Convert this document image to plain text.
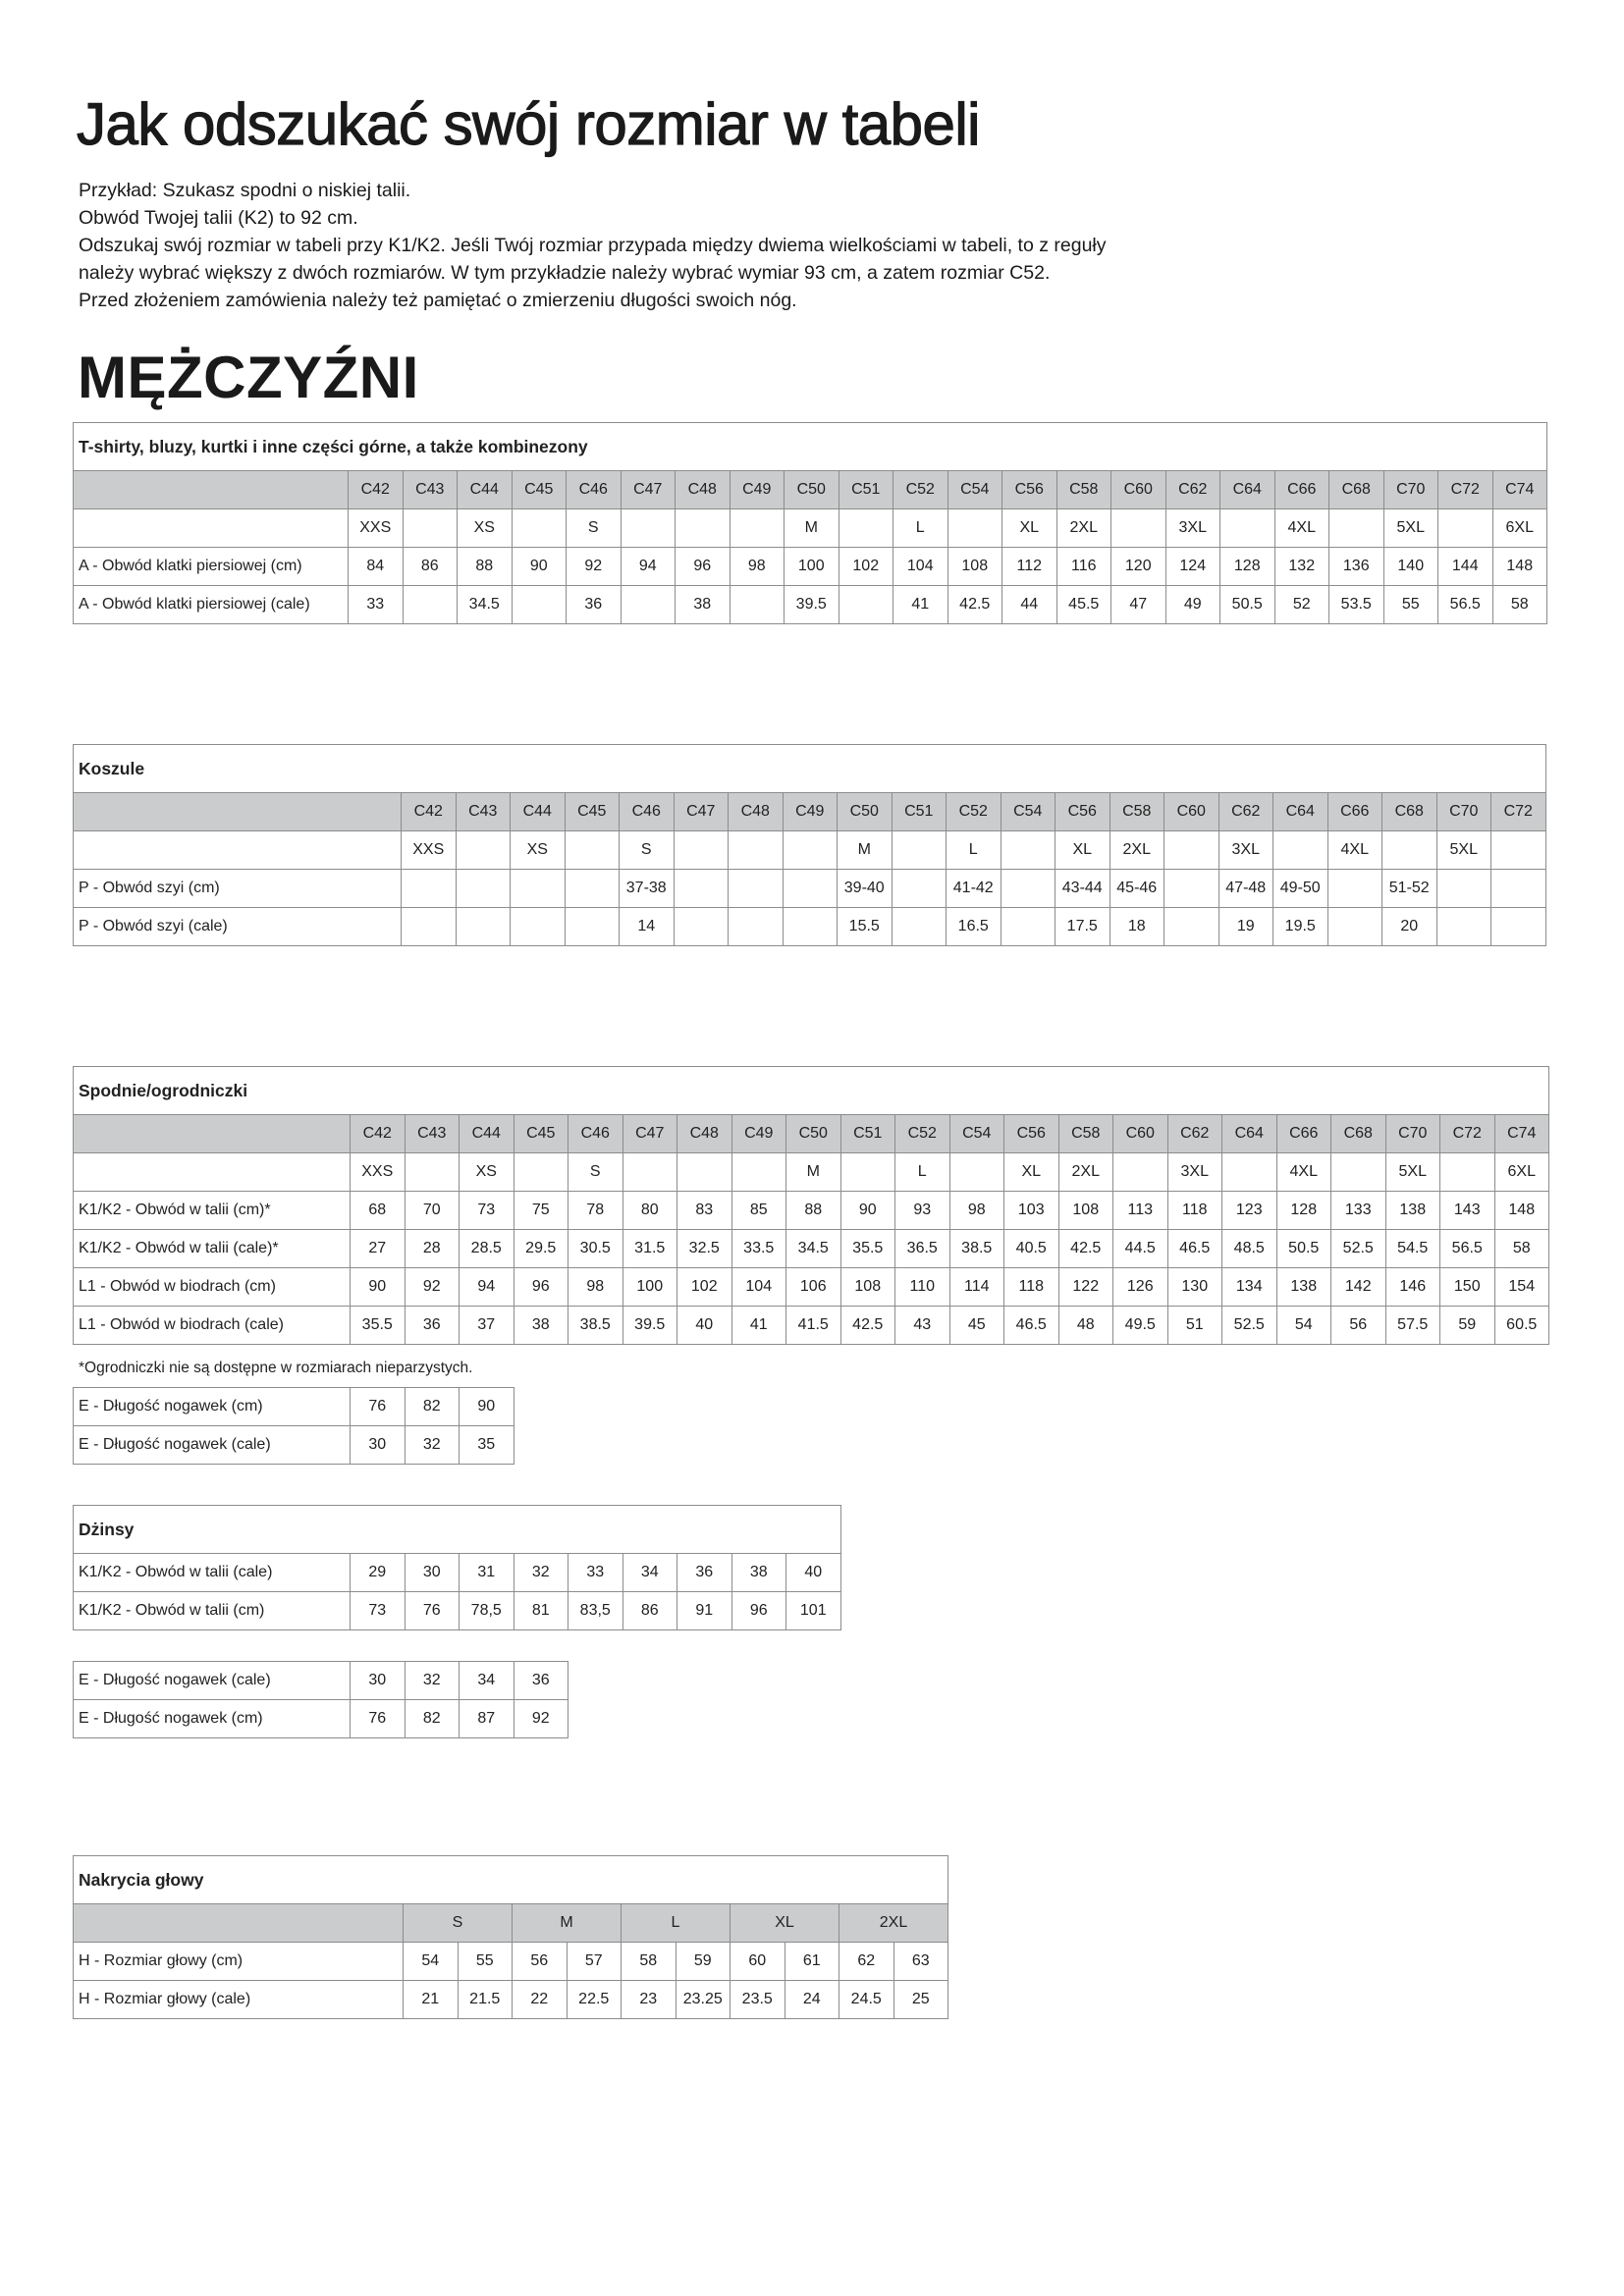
Jak odszukać swój rozmiar w tabeli
Przykład: Szukasz spodni o niskiej talii.
Obwód Twojej talii (K2) to 92 cm.
Odszukaj swój rozmiar w tabeli przy K1/K2. Jeśli Twój rozmiar przypada między dwiema wielkościami w tabeli, to z reguły
należy wybrać większy z dwóch rozmiarów. W tym przykładzie należy wybrać wymiar 93 cm, a zatem rozmiar C52.
Przed złożeniem zamówienia należy też pamiętać o zmierzeniu długości swoich nóg.
MĘŻCZYŹNI
T-shirty, bluzy, kurtki i inne części górne, a także kombinezony																						
	C42	C43	C44	C45	C46	C47	C48	C49	C50	C51	C52	C54	C56	C58	C60	C62	C64	C66	C68	C70	C72	C74
	XXS		XS		S				M		L		XL	2XL		3XL		4XL		5XL		6XL
A - Obwód klatki piersiowej (cm)	84	86	88	90	92	94	96	98	100	102	104	108	112	116	120	124	128	132	136	140	144	148
A - Obwód klatki piersiowej (cale)	33		34.5		36		38		39.5		41	42.5	44	45.5	47	49	50.5	52	53.5	55	56.5	58
Koszule																					
	C42	C43	C44	C45	C46	C47	C48	C49	C50	C51	C52	C54	C56	C58	C60	C62	C64	C66	C68	C70	C72
	XXS		XS		S				M		L		XL	2XL		3XL		4XL		5XL	
P - Obwód szyi (cm)					37-38				39-40		41-42		43-44	45-46		47-48	49-50		51-52		
P - Obwód szyi (cale)					14				15.5		16.5		17.5	18		19	19.5		20		
Spodnie/ogrodniczki																						
	C42	C43	C44	C45	C46	C47	C48	C49	C50	C51	C52	C54	C56	C58	C60	C62	C64	C66	C68	C70	C72	C74
	XXS		XS		S				M		L		XL	2XL		3XL		4XL		5XL		6XL
K1/K2 - Obwód w talii (cm)*	68	70	73	75	78	80	83	85	88	90	93	98	103	108	113	118	123	128	133	138	143	148
K1/K2 - Obwód w talii (cale)*	27	28	28.5	29.5	30.5	31.5	32.5	33.5	34.5	35.5	36.5	38.5	40.5	42.5	44.5	46.5	48.5	50.5	52.5	54.5	56.5	58
L1 - Obwód w biodrach (cm)	90	92	94	96	98	100	102	104	106	108	110	114	118	122	126	130	134	138	142	146	150	154
L1 - Obwód w biodrach (cale)	35.5	36	37	38	38.5	39.5	40	41	41.5	42.5	43	45	46.5	48	49.5	51	52.5	54	56	57.5	59	60.5
*Ogrodniczki nie są dostępne w rozmiarach nieparzystych.
E - Długość nogawek (cm)	76	82	90
E - Długość nogawek (cale)	30	32	35
Dżinsy									
K1/K2 - Obwód w talii (cale)	29	30	31	32	33	34	36	38	40
K1/K2 - Obwód w talii (cm)	73	76	78,5	81	83,5	86	91	96	101
E - Długość nogawek (cale)	30	32	34	36
E - Długość nogawek (cm)	76	82	87	92
Nakrycia głowy										
	S		M		L		XL		2XL	
H - Rozmiar głowy (cm)	54	55	56	57	58	59	60	61	62	63
H - Rozmiar głowy (cale)	21	21.5	22	22.5	23	23.25	23.5	24	24.5	25
